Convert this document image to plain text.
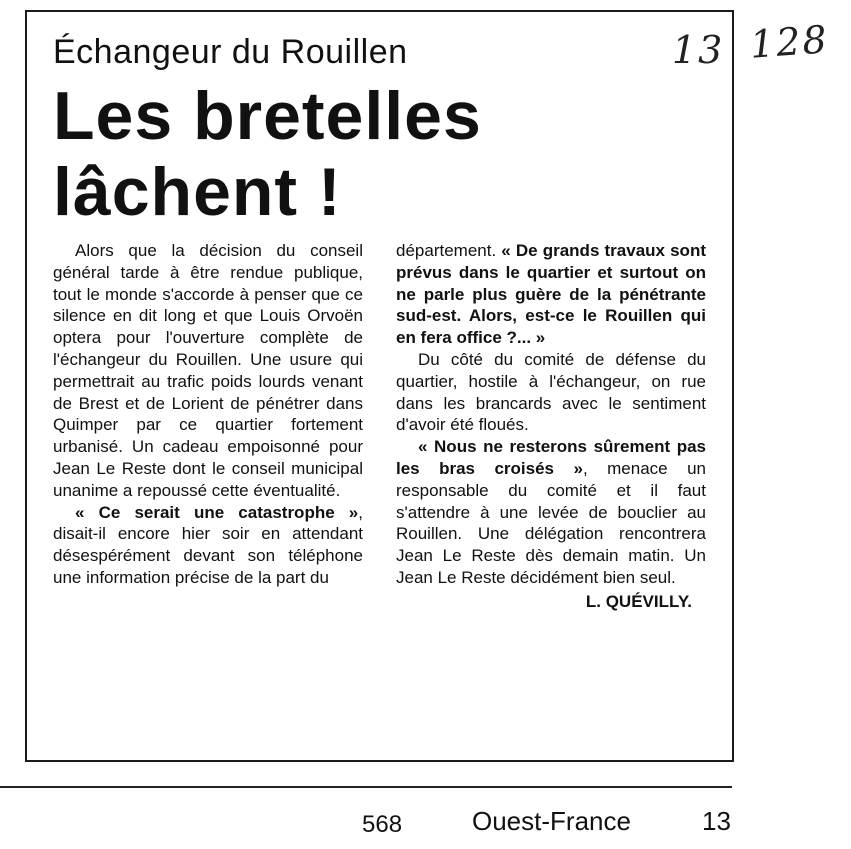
Échangeur du Rouillen
Les bretelles
lâchent !

Alors que la décision du conseil général tarde à être rendue publique, tout le monde s'accorde à penser que ce silence en dit long et que Louis Orvoën optera pour l'ouverture complète de l'échangeur du Rouillen. Une usure qui permettrait au trafic poids lourds venant de Brest et de Lorient de pénétrer dans Quimper par ce quartier fortement urbanisé. Un cadeau empoisonné pour Jean Le Reste dont le conseil municipal unanime a repoussé cette éventualité.

« Ce serait une catastrophe », disait-il encore hier soir en attendant désespérément devant son téléphone une information précise de la part du

département. « De grands travaux sont prévus dans le quartier et surtout on ne parle plus guère de la pénétrante sud-est. Alors, est-ce le Rouillen qui en fera office ?... »

Du côté du comité de défense du quartier, hostile à l'échangeur, on rue dans les brancards avec le sentiment d'avoir été floués.

« Nous ne resterons sûrement pas les bras croisés », menace un responsable du comité et il faut s'attendre à une levée de bouclier au Rouillen. Une délégation rencontrera Jean Le Reste dès demain matin. Un Jean Le Reste décidément bien seul.

L. QUÉVILLY.
13 128
568	Ouest-France	13
